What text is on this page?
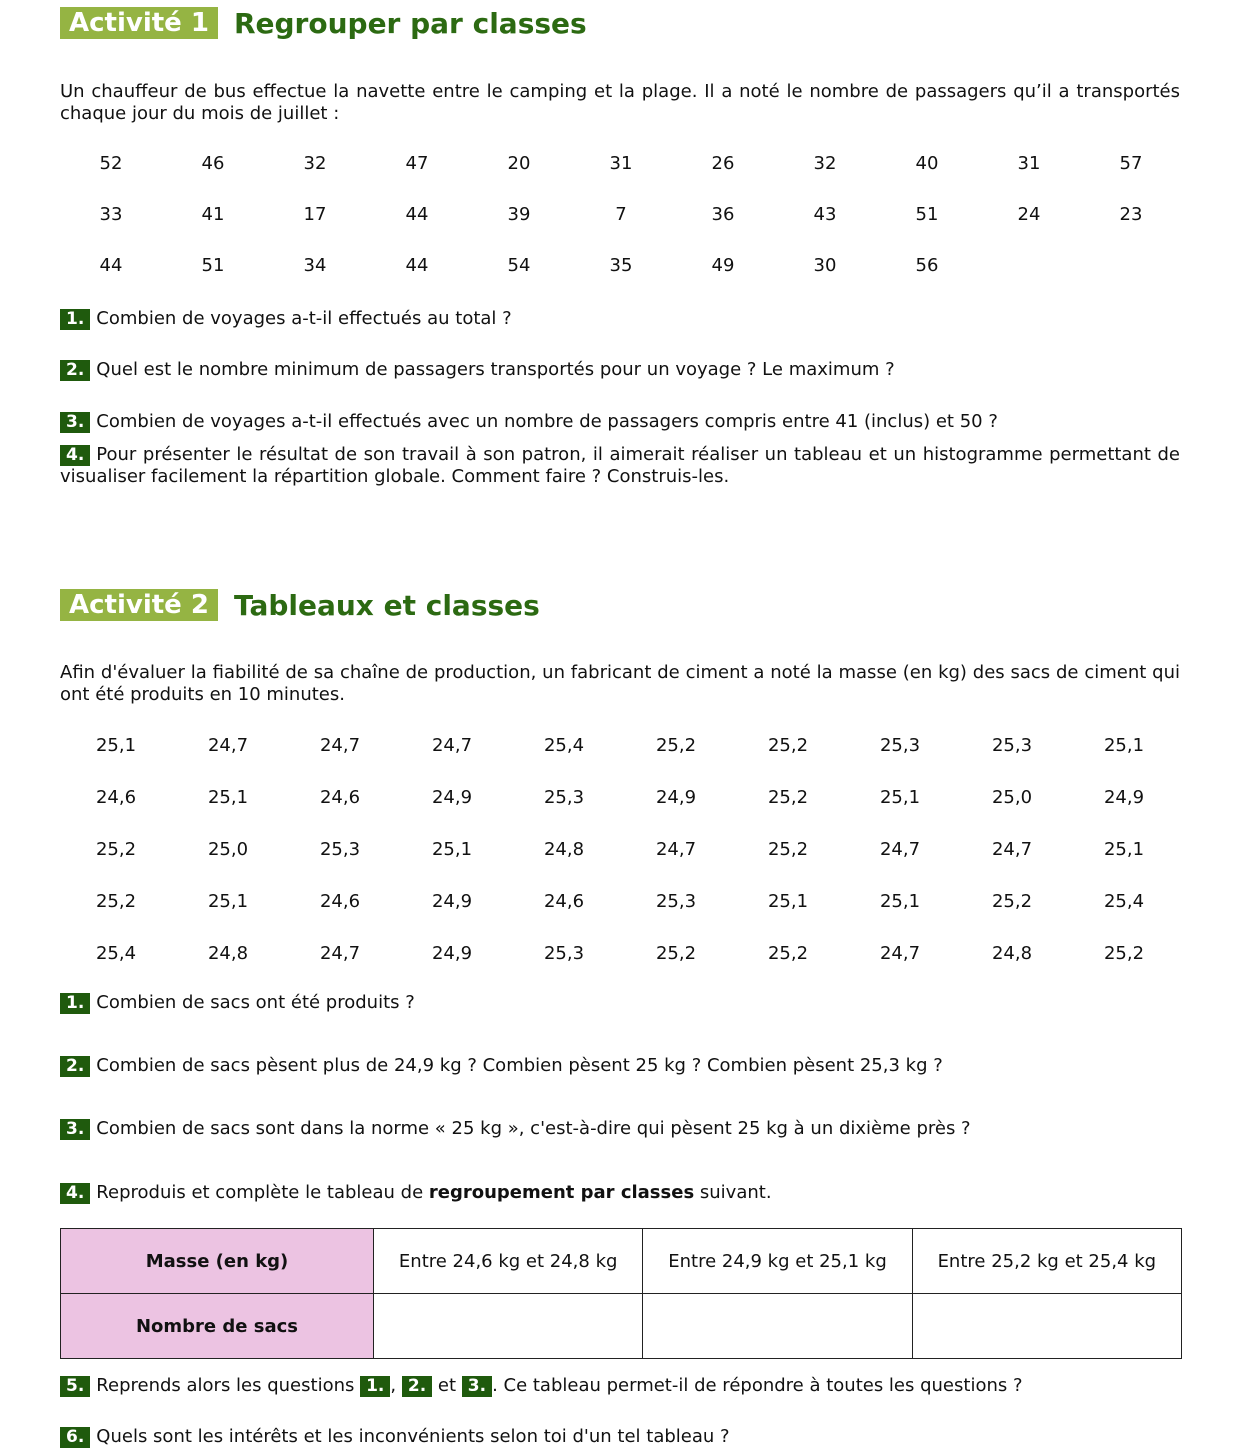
Activité 1 Regrouper par classes
Un chauffeur de bus effectue la navette entre le camping et la plage. Il a noté le nombre de passagers qu’il a transportés chaque jour du mois de juillet :
52	46	32	47	20	31	26	32	40	31	57
33	41	17	44	39	7	36	43	51	24	23
44	51	34	44	54	35	49	30	56
1. Combien de voyages a-t-il effectués au total ?
2. Quel est le nombre minimum de passagers transportés pour un voyage ? Le maximum ?
3. Combien de voyages a-t-il effectués avec un nombre de passagers compris entre 41 (inclus) et 50 ?
4. Pour présenter le résultat de son travail à son patron, il aimerait réaliser un tableau et un histogramme permettant de visualiser facilement la répartition globale. Comment faire ? Construis-les.
Activité 2 Tableaux et classes
Afin d'évaluer la fiabilité de sa chaîne de production, un fabricant de ciment a noté la masse (en kg) des sacs de ciment qui ont été produits en 10 minutes.
25,1	24,7	24,7	24,7	25,4	25,2	25,2	25,3	25,3	25,1
24,6	25,1	24,6	24,9	25,3	24,9	25,2	25,1	25,0	24,9
25,2	25,0	25,3	25,1	24,8	24,7	25,2	24,7	24,7	25,1
25,2	25,1	24,6	24,9	24,6	25,3	25,1	25,1	25,2	25,4
25,4	24,8	24,7	24,9	25,3	25,2	25,2	24,7	24,8	25,2
1. Combien de sacs ont été produits ?
2. Combien de sacs pèsent plus de 24,9 kg ? Combien pèsent 25 kg ? Combien pèsent 25,3 kg ?
3. Combien de sacs sont dans la norme « 25 kg », c'est-à-dire qui pèsent 25 kg à un dixième près ?
4. Reproduis et complète le tableau de regroupement par classes suivant.
Masse (en kg)	Entre 24,6 kg et 24,8 kg	Entre 24,9 kg et 25,1 kg	Entre 25,2 kg et 25,4 kg
Nombre de sacs			
5. Reprends alors les questions 1. , 2. et 3. . Ce tableau permet-il de répondre à toutes les questions ?
6. Quels sont les intérêts et les inconvénients selon toi d'un tel tableau ?
